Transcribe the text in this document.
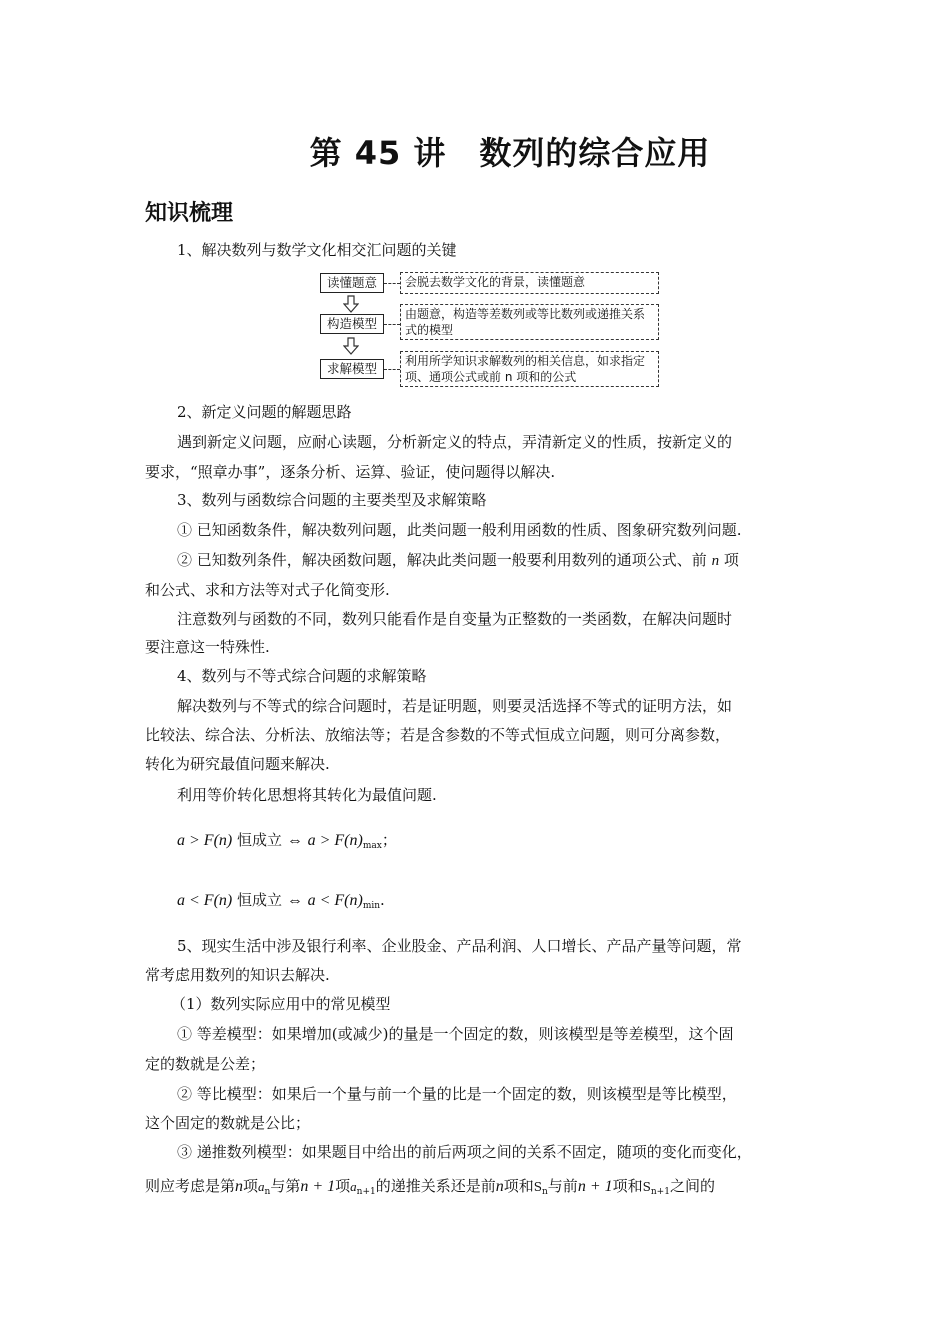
第 45 讲　数列的综合应用
知识梳理
1、解决数列与数学文化相交汇问题的关键
读懂题意	会脱去数学文化的背景，读懂题意
构造模型
由题意，构造等差数列或等比数列或递推关系式的模型
求解模型	利用所学知识求解数列的相关信息，如求指定项、通项公式或前 n 项和的公式
2、新定义问题的解题思路
遇到新定义问题，应耐心读题，分析新定义的特点，弄清新定义的性质，按新定义的
要求，“照章办事”，逐条分析、运算、验证，使问题得以解决.
3、数列与函数综合问题的主要类型及求解策略
① 已知函数条件，解决数列问题，此类问题一般利用函数的性质、图象研究数列问题.
② 已知数列条件，解决函数问题，解决此类问题一般要利用数列的通项公式、前 n 项
和公式、求和方法等对式子化简变形.
注意数列与函数的不同，数列只能看作是自变量为正整数的一类函数，在解决问题时
要注意这一特殊性.
4、数列与不等式综合问题的求解策略
解决数列与不等式的综合问题时，若是证明题，则要灵活选择不等式的证明方法，如
比较法、综合法、分析法、放缩法等；若是含参数的不等式恒成立问题，则可分离参数，
转化为研究最值问题来解决.
利用等价转化思想将其转化为最值问题.
a > F(n) 恒成立 ⇔ $a > F(n)_{max}$；
a < F(n) 恒成立 ⇔ $a < F(n)_{min}$.
5、现实生活中涉及银行利率、企业股金、产品利润、人口增长、产品产量等问题，常
常考虑用数列的知识去解决.
（1）数列实际应用中的常见模型
① 等差模型：如果增加(或减少)的量是一个固定的数，则该模型是等差模型，这个固
定的数就是公差；
② 等比模型：如果后一个量与前一个量的比是一个固定的数，则该模型是等比模型，
这个固定的数就是公比；
③ 递推数列模型：如果题目中给出的前后两项之间的关系不固定，随项的变化而变化，
则应考虑是第n项$a_n$与第n + 1项$a_{n+1}$的递推关系还是前n项和$S_n$与前n + 1项和$S_{n+1}$之间的
